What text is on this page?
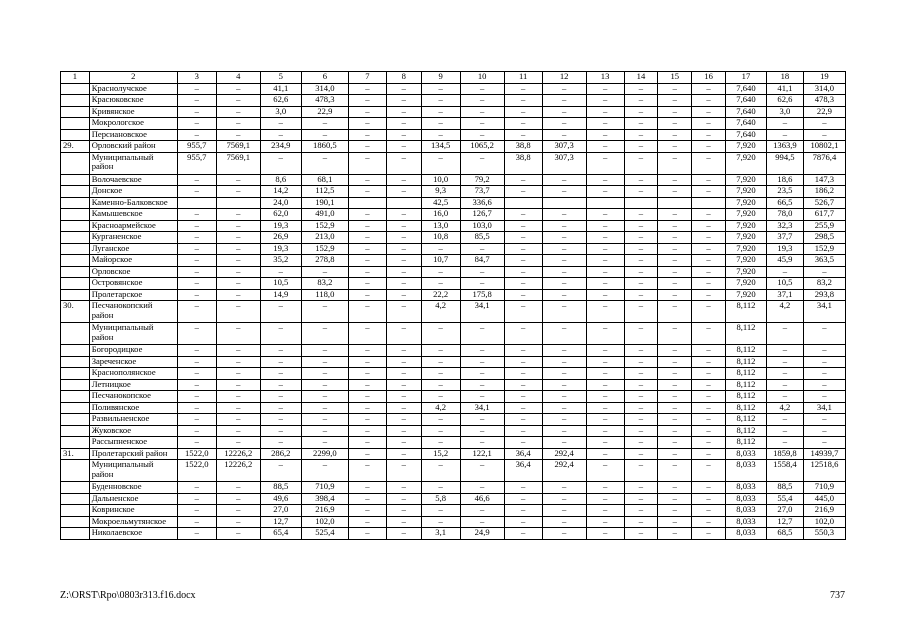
1	2	3	4	5	6	7	8	9	10	11	12	13	14	15	16	17	18	19
	Краснолучское	–	–	41,1	314,0	–	–	–	–	–	–	–	–	–	–	7,640	41,1	314,0
	Красюковское	–	–	62,6	478,3	–	–	–	–	–	–	–	–	–	–	7,640	62,6	478,3
	Кривянское	–	–	3,0	22,9	–	–	–	–	–	–	–	–	–	–	7,640	3,0	22,9
	Мокрологское	–	–	–	–	–	–	–	–	–	–	–	–	–	–	7,640	–	–
	Персиановское	–	–	–	–	–	–	–	–	–	–	–	–	–	–	7,640	–	–
29.	Орловский район	955,7	7569,1	234,9	1860,5	–	–	134,5	1065,2	38,8	307,3	–	–	–	–	7,920	1363,9	10802,1
	Муниципальный район	955,7	7569,1	–	–	–	–	–	–	38,8	307,3	–	–	–	–	7,920	994,5	7876,4
	Волочаевское	–	–	8,6	68,1	–	–	10,0	79,2	–	–	–	–	–	–	7,920	18,6	147,3
	Донское	–	–	14,2	112,5	–	–	9,3	73,7	–	–	–	–	–	–	7,920	23,5	186,2
	Каменно-Балковское			24,0	190,1			42,5	336,6							7,920	66,5	526,7
	Камышевское	–	–	62,0	491,0	–	–	16,0	126,7	–	–	–	–	–	–	7,920	78,0	617,7
	Красноармейское	–	–	19,3	152,9	–	–	13,0	103,0	–	–	–	–	–	–	7,920	32,3	255,9
	Курганенское	–	–	26,9	213,0	–	–	10,8	85,5	–	–	–	–	–	–	7,920	37,7	298,5
	Луганское	–	–	19,3	152,9	–	–	–	–	–	–	–	–	–	–	7,920	19,3	152,9
	Майорское	–	–	35,2	278,8	–	–	10,7	84,7	–	–	–	–	–	–	7,920	45,9	363,5
	Орловское	–	–	–	–	–	–	–	–	–	–	–	–	–	–	7,920	–	–
	Островянское	–	–	10,5	83,2	–	–	–	–	–	–	–	–	–	–	7,920	10,5	83,2
	Пролетарское	–	–	14,9	118,0	–	–	22,2	175,8	–	–	–	–	–	–	7,920	37,1	293,8
30.	Песчанокопский район	–	–	–	–	–	–	4,2	34,1	–	–	–	–	–	–	8,112	4,2	34,1
	Муниципальный район	–	–	–	–	–	–	–	–	–	–	–	–	–	–	8,112	–	–
	Богородицкое	–	–	–	–	–	–	–	–	–	–	–	–	–	–	8,112	–	–
	Зареченское	–	–	–	–	–	–	–	–	–	–	–	–	–	–	8,112	–	–
	Краснополянское	–	–	–	–	–	–	–	–	–	–	–	–	–	–	8,112	–	–
	Летницкое	–	–	–	–	–	–	–	–	–	–	–	–	–	–	8,112	–	–
	Песчанокопское	–	–	–	–	–	–	–	–	–	–	–	–	–	–	8,112	–	–
	Поливянское	–	–	–	–	–	–	4,2	34,1	–	–	–	–	–	–	8,112	4,2	34,1
	Развильненское	–	–	–	–	–	–	–	–	–	–	–	–	–	–	8,112	–	–
	Жуковское	–	–	–	–	–	–	–	–	–	–	–	–	–	–	8,112	–	–
	Рассыпненское	–	–	–	–	–	–	–	–	–	–	–	–	–	–	8,112	–	–
31.	Пролетарский район	1522,0	12226,2	286,2	2299,0	–	–	15,2	122,1	36,4	292,4	–	–	–	–	8,033	1859,8	14939,7
	Муниципальный район	1522,0	12226,2	–	–	–	–	–	–	36,4	292,4	–	–	–	–	8,033	1558,4	12518,6
	Буденновское	–	–	88,5	710,9	–	–	–	–	–	–	–	–	–	–	8,033	88,5	710,9
	Дальненское	–	–	49,6	398,4	–	–	5,8	46,6	–	–	–	–	–	–	8,033	55,4	445,0
	Ковринское	–	–	27,0	216,9	–	–	–	–	–	–	–	–	–	–	8,033	27,0	216,9
	Мокроельмутянское	–	–	12,7	102,0	–	–	–	–	–	–	–	–	–	–	8,033	12,7	102,0
	Николаевское	–	–	65,4	525,4	–	–	3,1	24,9	–	–	–	–	–	–	8,033	68,5	550,3
Z:\ORST\Rpo\0803r313.f16.docx	737
